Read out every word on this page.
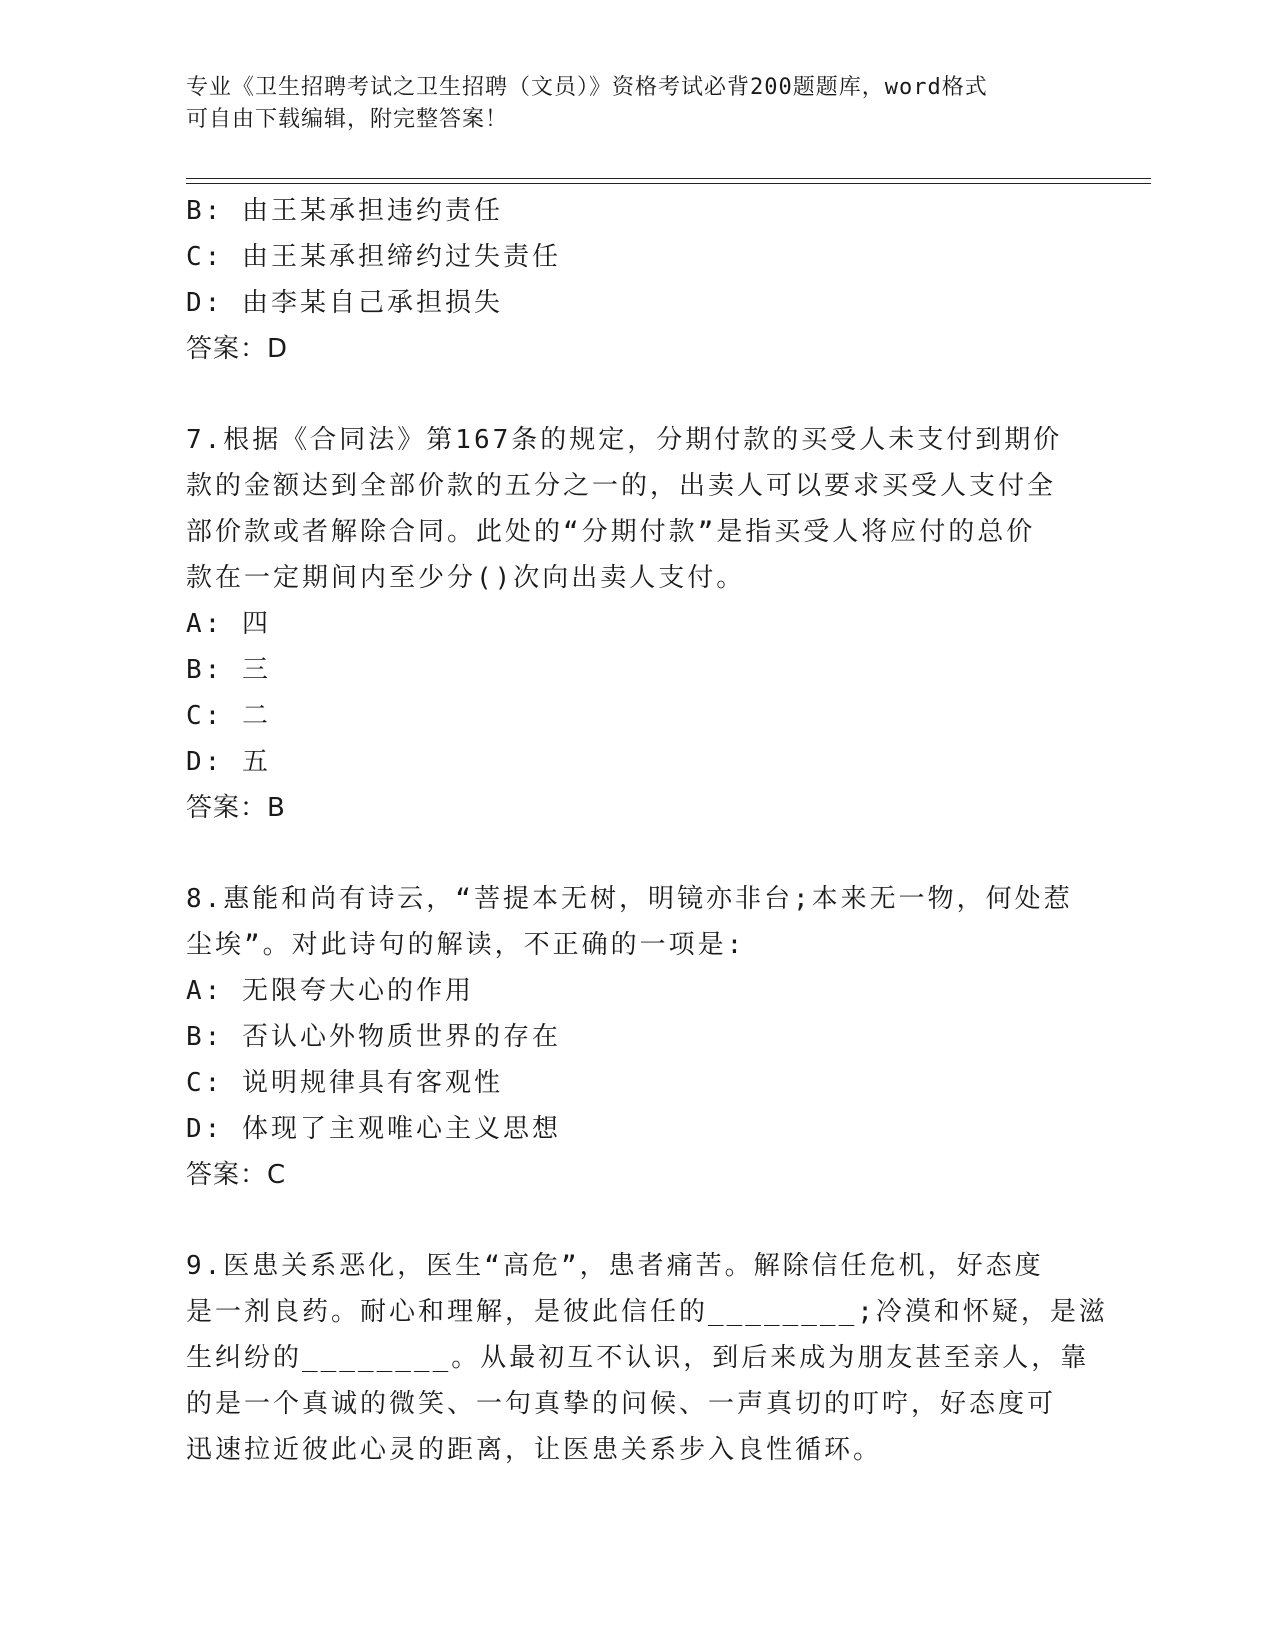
专业《卫生招聘考试之卫生招聘（文员）》资格考试必背200题题库，word格式
可自由下载编辑，附完整答案！
B: 由王某承担违约责任
C: 由王某承担缔约过失责任
D: 由李某自己承担损失
答案：D
7.根据《合同法》第167条的规定，分期付款的买受人未支付到期价
款的金额达到全部价款的五分之一的，出卖人可以要求买受人支付全
部价款或者解除合同。此处的“分期付款”是指买受人将应付的总价
款在一定期间内至少分()次向出卖人支付。
A: 四
B: 三
C: 二
D: 五
答案：B
8.惠能和尚有诗云，“菩提本无树，明镜亦非台;本来无一物，何处惹
尘埃”。对此诗句的解读，不正确的一项是:
A: 无限夸大心的作用
B: 否认心外物质世界的存在
C: 说明规律具有客观性
D: 体现了主观唯心主义思想
答案：C
9.医患关系恶化，医生“高危”，患者痛苦。解除信任危机，好态度
是一剂良药。耐心和理解，是彼此信任的________;冷漠和怀疑，是滋
生纠纷的________。从最初互不认识，到后来成为朋友甚至亲人，靠
的是一个真诚的微笑、一句真挚的问候、一声真切的叮咛，好态度可
迅速拉近彼此心灵的距离，让医患关系步入良性循环。
